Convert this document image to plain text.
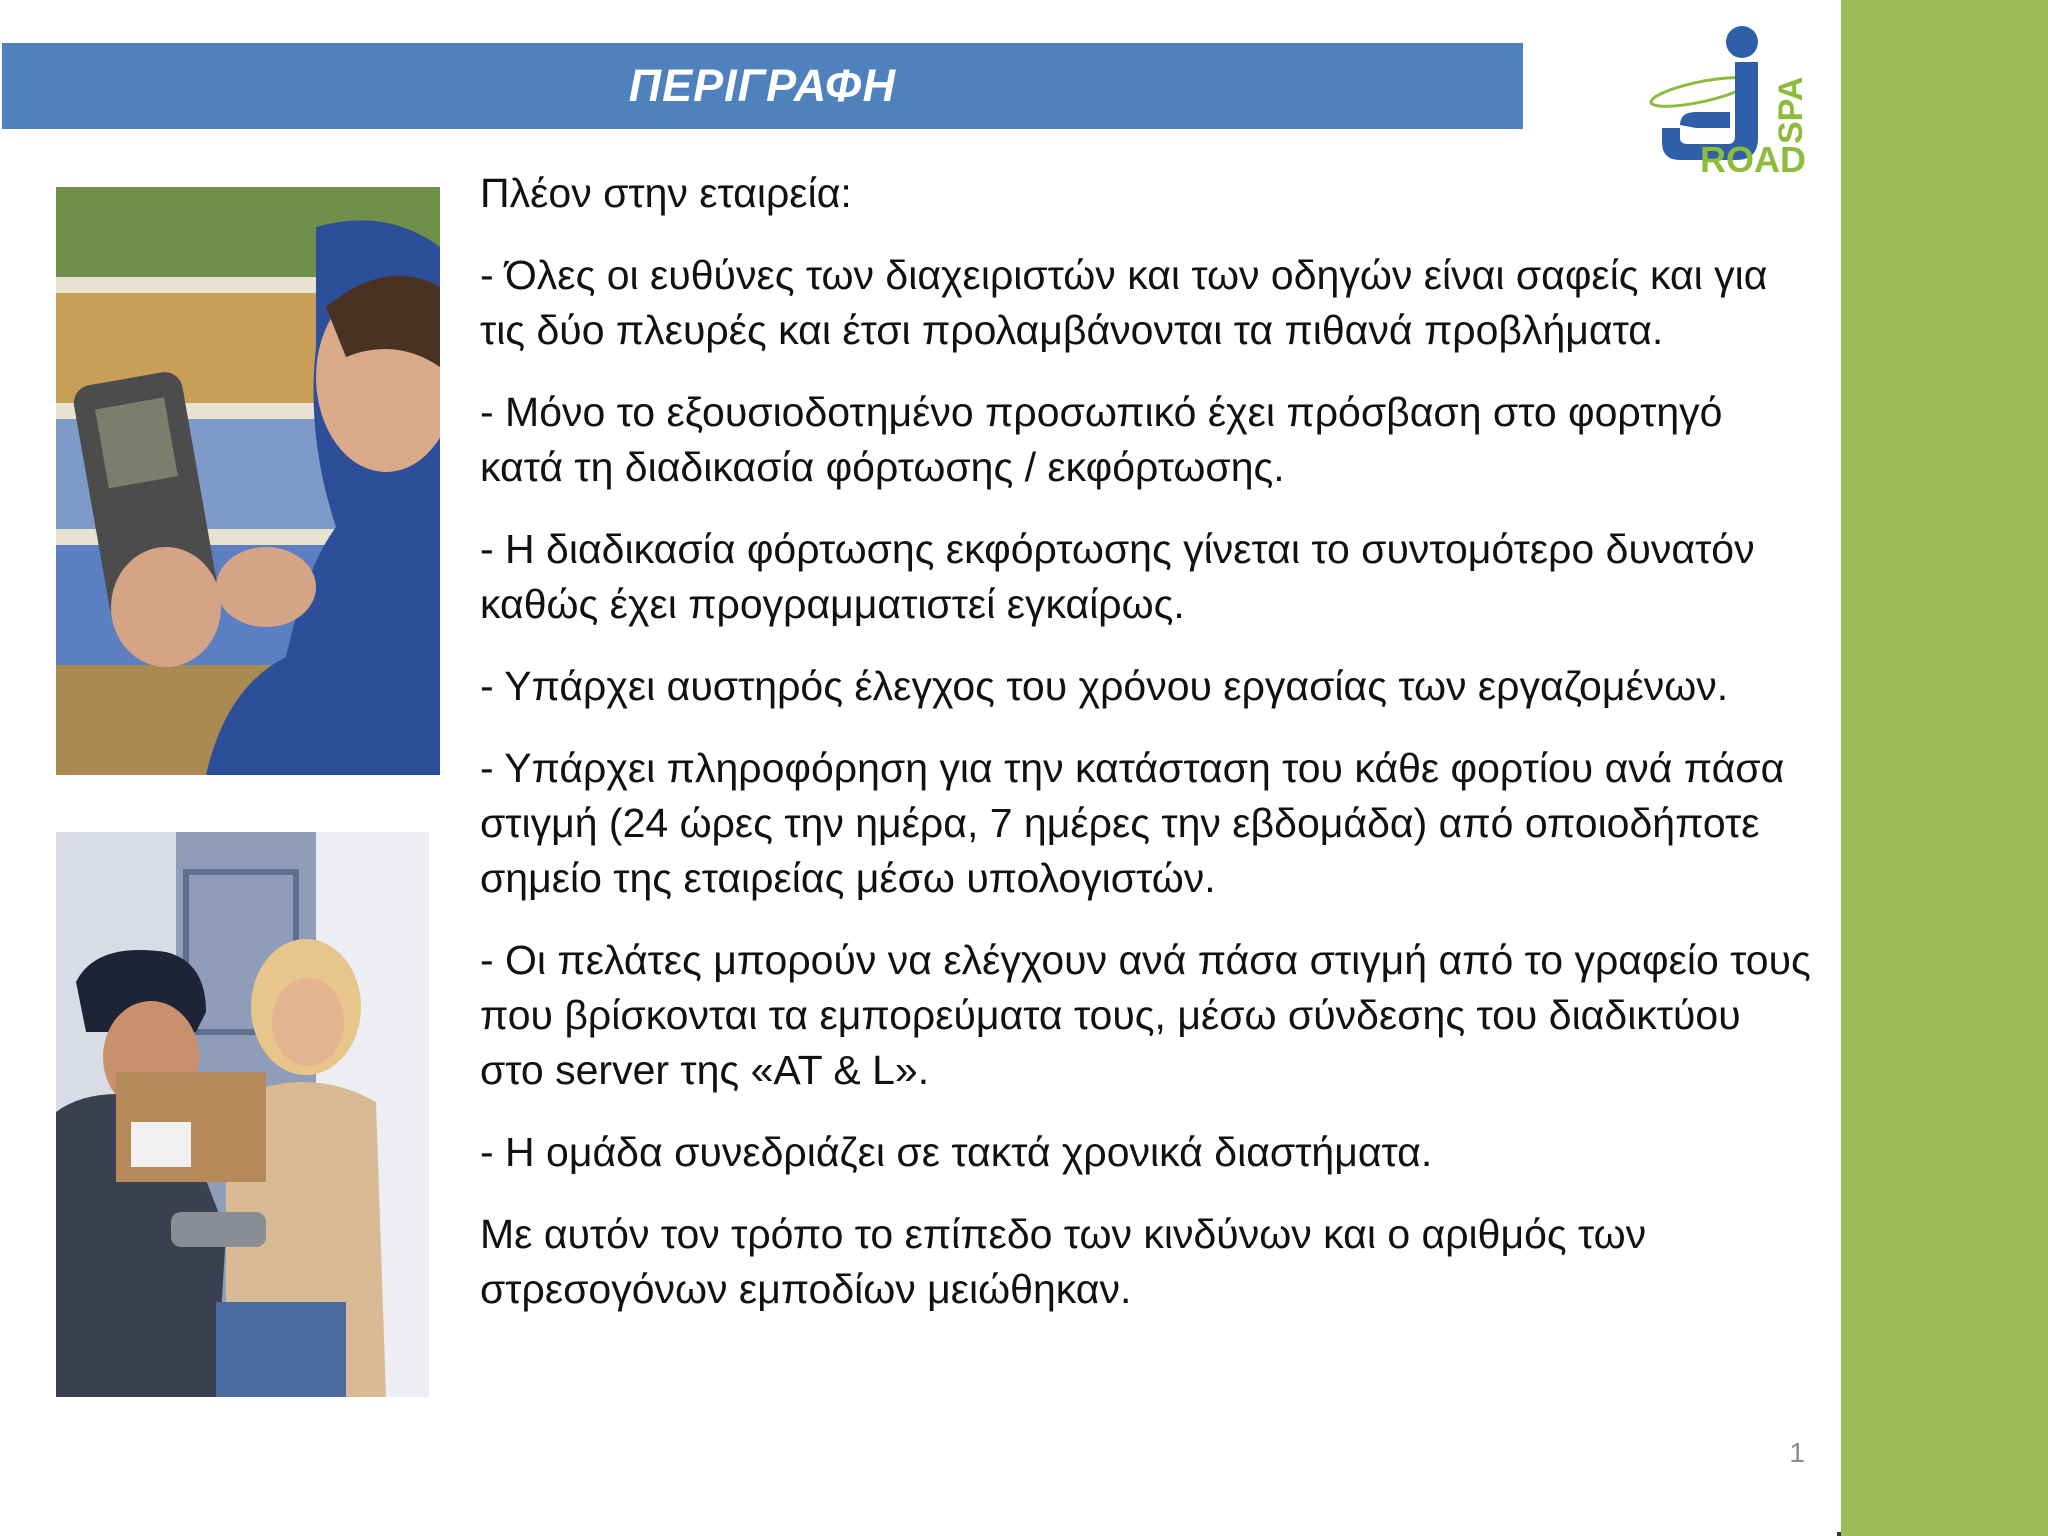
ΠΕΡΙΓΡΑΦΗ
ROAD
SPA

Πλέον στην εταιρεία:

- Όλες οι ευθύνες των διαχειριστών και των οδηγών είναι σαφείς και για τις δύο πλευρές και έτσι προλαμβάνονται τα πιθανά προβλήματα.

- Μόνο το εξουσιοδοτημένο προσωπικό έχει πρόσβαση στο φορτηγό κατά τη διαδικασία φόρτωσης / εκφόρτωσης.

- Η διαδικασία φόρτωσης εκφόρτωσης γίνεται το συντομότερο δυνατόν καθώς έχει προγραμματιστεί εγκαίρως.

- Υπάρχει αυστηρός έλεγχος του χρόνου εργασίας των εργαζομένων.

- Υπάρχει πληροφόρηση για την κατάσταση του κάθε φορτίου ανά πάσα στιγμή (24 ώρες την ημέρα, 7 ημέρες την εβδομάδα) από οποιοδήποτε σημείο της εταιρείας μέσω υπολογιστών.

- Οι πελάτες μπορούν να ελέγχουν ανά πάσα στιγμή από το γραφείο τους που βρίσκονται τα εμπορεύματα τους, μέσω σύνδεσης του διαδικτύου στο server της «AT & L».

- Η ομάδα συνεδριάζει σε τακτά χρονικά διαστήματα.

Με αυτόν τον τρόπο το επίπεδο των κινδύνων και ο αριθμός των στρεσογόνων εμποδίων μειώθηκαν.

1
